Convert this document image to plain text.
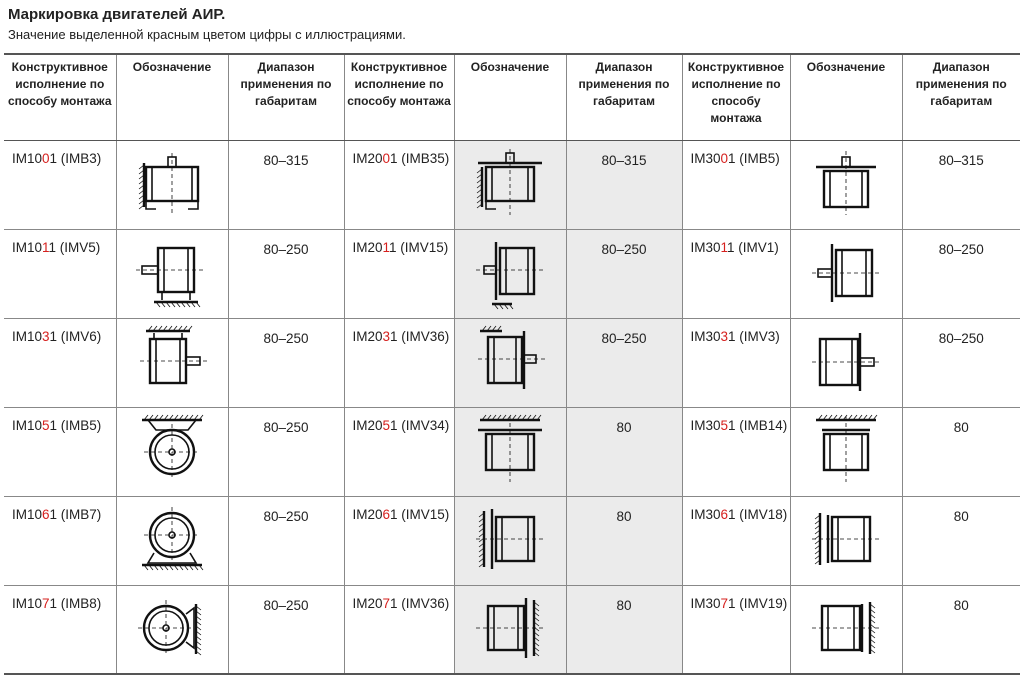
Маркировка двигателей АИР.
Значение выделенной красным цветом цифры с иллюстрациями.
Конструктивное исполнение по способу монтажа	Обозначение	Диапазон применения по габаритам	Конструктивное исполнение по способу монтажа	Обозначение	Диапазон применения по габаритам	Конструктивное исполнение по способу монтажа	Обозначение	Диапазон применения по габаритам
IM1001 (IMB3)		80–315	IM2001 (IMB35)		80–315	IM3001 (IMB5)		80–315
IM1011 (IMV5)		80–250	IM2011 (IMV15)		80–250	IM3011 (IMV1)		80–250
IM1031 (IMV6)		80–250	IM2031 (IMV36)		80–250	IM3031 (IMV3)		80–250
IM1051 (IMB5)		80–250	IM2051 (IMV34)		80	IM3051 (IMB14)		80
IM1061 (IMB7)		80–250	IM2061 (IMV15)		80	IM3061 (IMV18)		80
IM1071 (IMB8)		80–250	IM2071 (IMV36)		80	IM3071 (IMV19)		80
